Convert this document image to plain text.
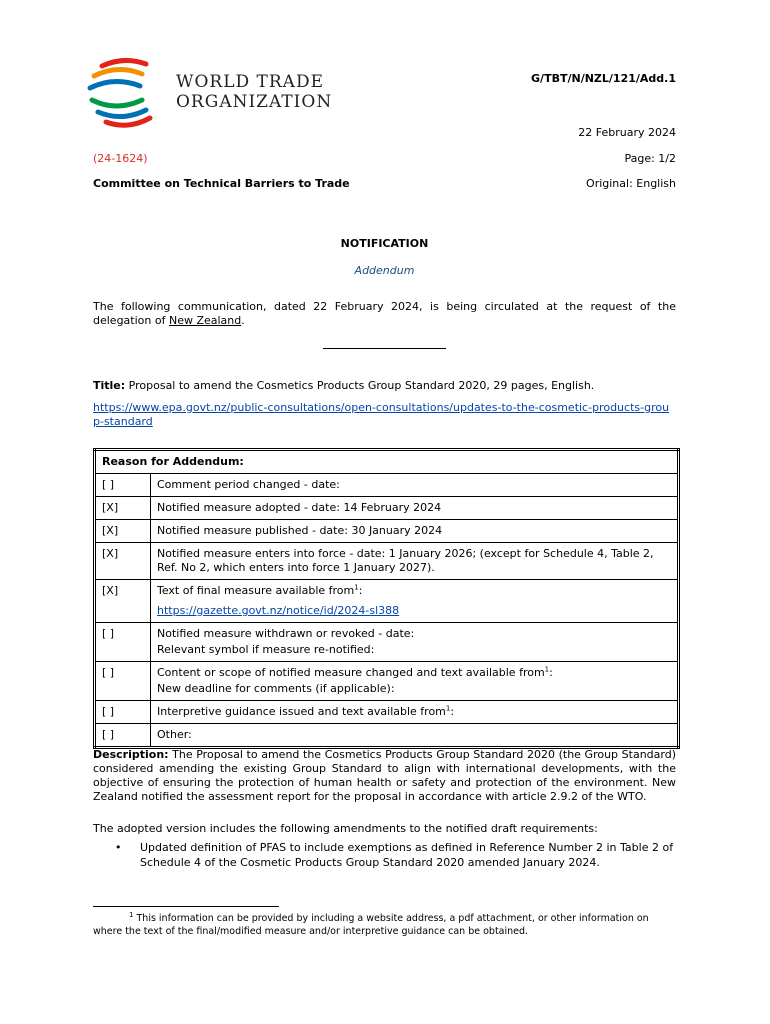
WORLD TRADE
ORGANIZATION
G/TBT/N/NZL/121/Add.1
22 February 2024
(24-1624)	Page: 1/2
Committee on Technical Barriers to Trade	Original: English
NOTIFICATION
Addendum
The following communication, dated 22 February 2024, is being circulated at the request of the delegation of New Zealand.
Title: Proposal to amend the Cosmetics Products Group Standard 2020, 29 pages, English.
https://www.epa.govt.nz/public-consultations/open-consultations/updates-to-the-cosmetic-products-group-standard
Reason for Addendum:	
[ ]	Comment period changed - date:
[X]	Notified measure adopted - date: 14 February 2024
[X]	Notified measure published - date: 30 January 2024
[X]	Notified measure enters into force - date: 1 January 2026; (except for Schedule 4, Table 2, Ref. No 2, which enters into force 1 January 2027).
[X]	Text of final measure available from$^1$:
https://gazette.govt.nz/notice/id/2024-sl388

[ ]	Notified measure withdrawn or revoked - date:
Relevant symbol if measure re-notified:

[ ]	Content or scope of notified measure changed and text available from$^1$:
New deadline for comments (if applicable):

[ ]	Interpretive guidance issued and text available from$^1$:
[ ]	Other:
Description: The Proposal to amend the Cosmetics Products Group Standard 2020 (the Group Standard) considered amending the existing Group Standard to align with international developments, with the objective of ensuring the protection of human health or safety and protection of the environment. New Zealand notified the assessment report for the proposal in accordance with article 2.9.2 of the WTO.
The adopted version includes the following amendments to the notified draft requirements:
• Updated definition of PFAS to include exemptions as defined in Reference Number 2 in Table 2 of Schedule 4 of the Cosmetic Products Group Standard 2020 amended January 2024.
$^1$ This information can be provided by including a website address, a pdf attachment, or other information on where the text of the final/modified measure and/or interpretive guidance can be obtained.
